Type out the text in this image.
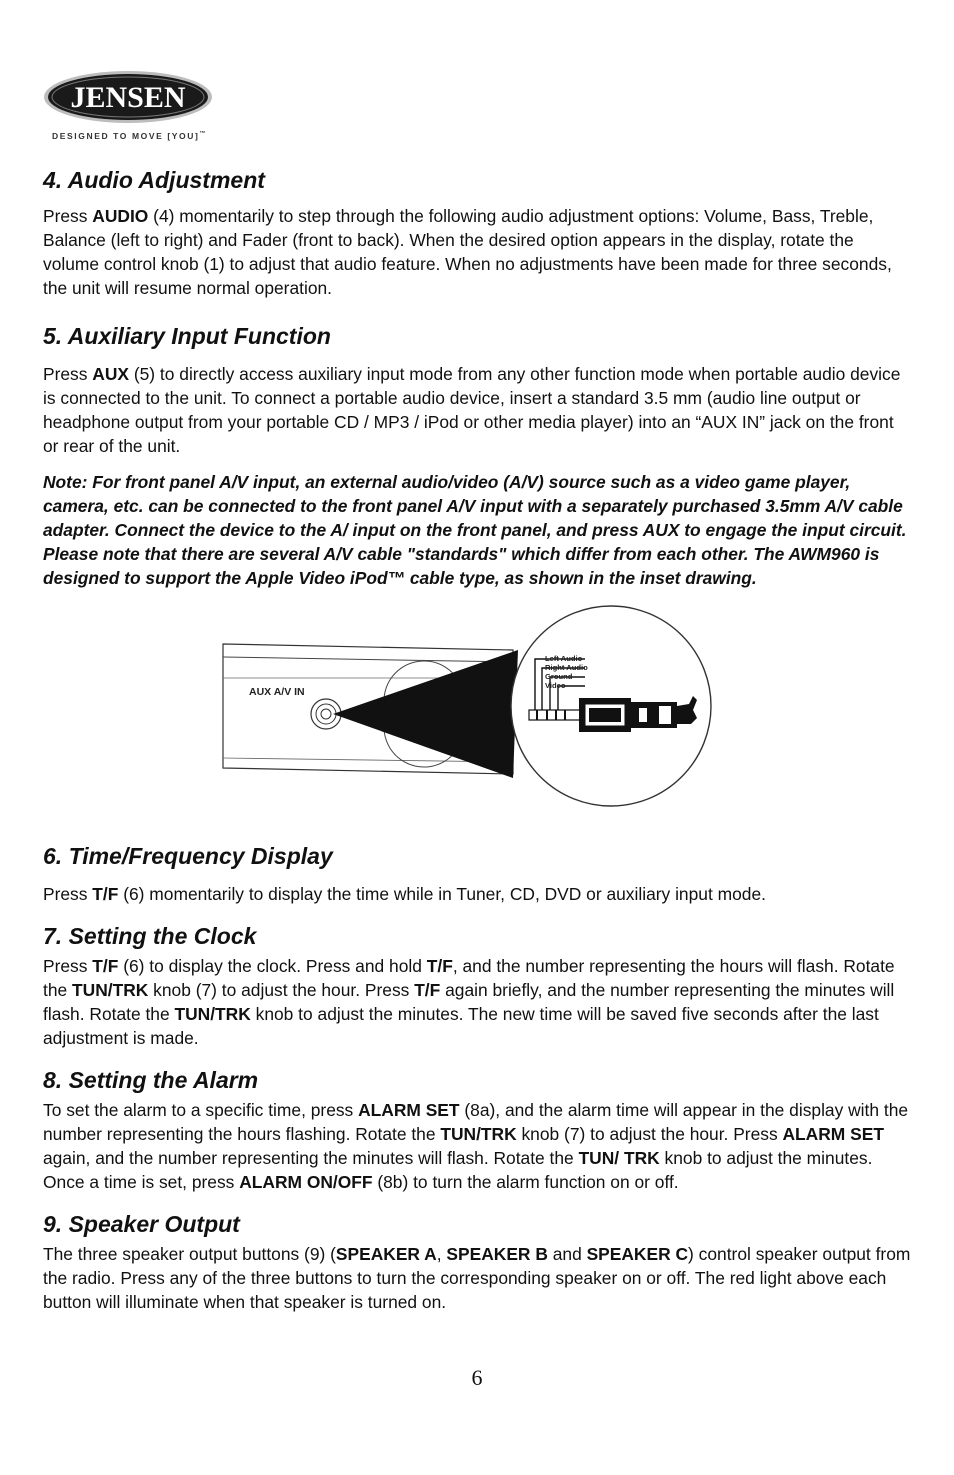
JENSEN
DESIGNED TO MOVE [YOU]™
4. Audio Adjustment

Press AUDIO (4) momentarily to step through the following audio adjustment options: Volume, Bass, Treble, Balance (left to right) and Fader (front to back). When the desired option appears in the display, rotate the volume control knob (1) to adjust that audio feature. When no adjustments have been made for three seconds, the unit will resume normal operation.

5. Auxiliary Input Function

Press AUX (5) to directly access auxiliary input mode from any other function mode when portable audio device is connected to the unit. To connect a portable audio device, insert a standard 3.5 mm (audio line output or headphone output from your portable CD / MP3 / iPod or other media player) into an “AUX IN” jack on the front or rear of the unit.

Note: For front panel A/V input, an external audio/video (A/V) source such as a video game player, camera, etc. can be connected to the front panel A/V input with a separately purchased 3.5mm A/V cable adapter. Connect the device to the A/ input on the front panel, and press AUX to engage the input circuit. Please note that there are several A/V cable "standards" which differ from each other. The AWM960 is designed to support the Apple Video iPod™ cable type, as shown in the inset drawing.

AUX A/V IN
Left Audio
Right Audio
Ground
Video
6. Time/Frequency Display

Press T/F (6) momentarily to display the time while in Tuner, CD, DVD or auxiliary input mode.

7. Setting the Clock

Press T/F (6) to display the clock. Press and hold T/F, and the number representing the hours will flash. Rotate the TUN/TRK knob (7) to adjust the hour. Press T/F again briefly, and the number representing the minutes will flash. Rotate the TUN/TRK knob to adjust the minutes. The new time will be saved five seconds after the last adjustment is made.

8. Setting the Alarm

To set the alarm to a specific time, press ALARM SET (8a), and the alarm time will appear in the display with the number representing the hours flashing. Rotate the TUN/TRK knob (7) to adjust the hour. Press ALARM SET again, and the number representing the minutes will flash. Rotate the TUN/ TRK knob to adjust the minutes. Once a time is set, press ALARM ON/OFF (8b) to turn the alarm function on or off.

9. Speaker Output

The three speaker output buttons (9) (SPEAKER A, SPEAKER B and SPEAKER C) control speaker output from the radio. Press any of the three buttons to turn the corresponding speaker on or off. The red light above each button will illuminate when that speaker is turned on.

6
